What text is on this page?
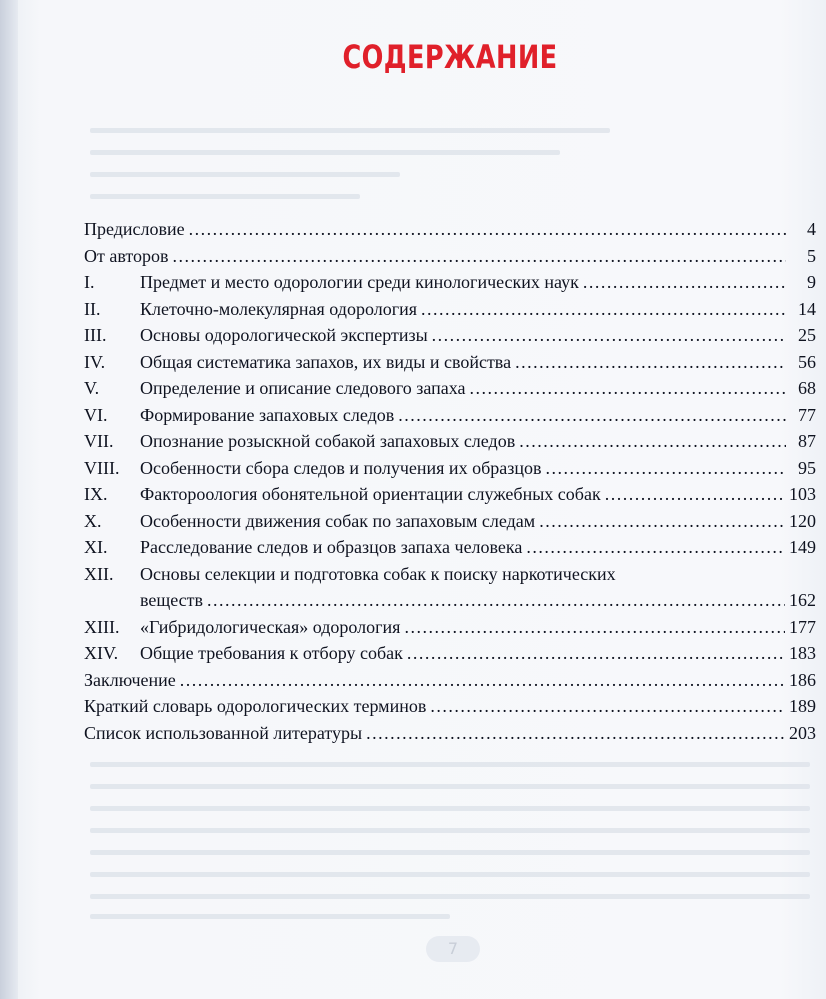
СОДЕРЖАНИЕ
Предисловие .....	4
От авторов .....	5
I.	Предмет и место одорологии среди кинологических наук .....	9
II.	Клеточно-молекулярная одорология .....	14
III.	Основы одорологической экспертизы .....	25
IV.	Общая систематика запахов, их виды и свойства .....	56
V.	Определение и описание следового запаха .....	68
VI.	Формирование запаховых следов .....	77
VII.	Опознание розыскной собакой запаховых следов .....	87
VIII.	Особенности сбора следов и получения их образцов .....	95
IX.	Фактороология обонятельной ориентации служебных собак .....	103
X.	Особенности движения собак по запаховым следам .....	120
XI.	Расследование следов и образцов запаха человека .....	149
XII.	Основы селекции и подготовка собак к поиску наркотических
веществ .....	162
XIII.	«Гибридологическая» одорология .....	177
XIV.	Общие требования к отбору собак .....	183
Заключение .....	186
Краткий словарь одорологических терминов .....	189
Список использованной литературы .....	203
7
